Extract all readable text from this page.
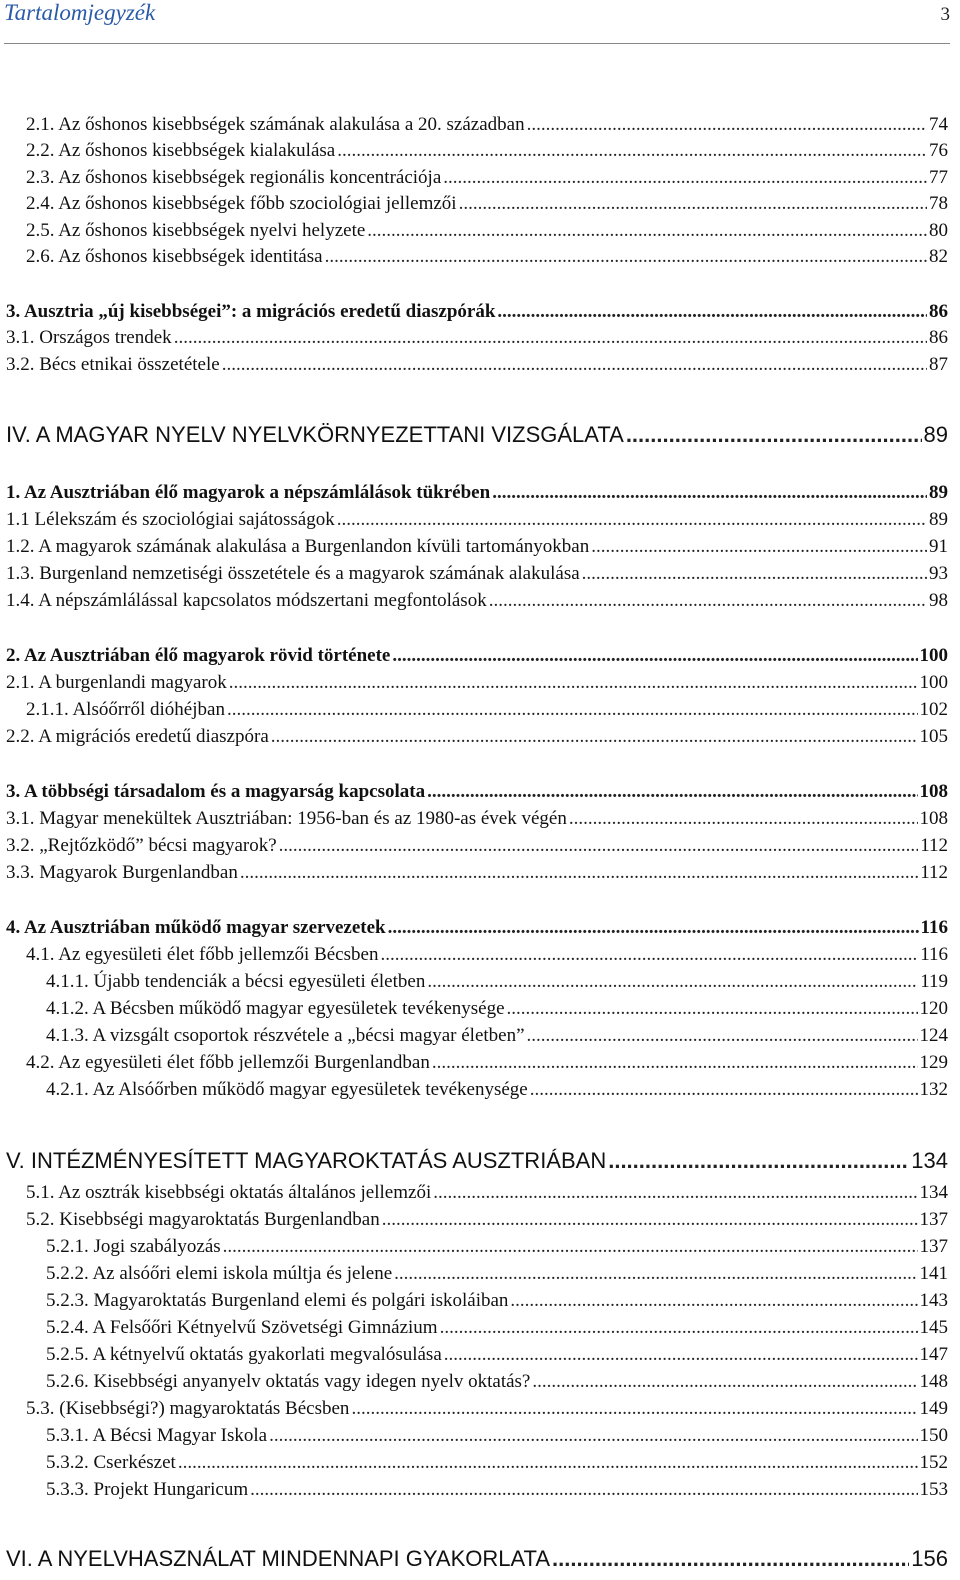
Tartalomjegyzék	3
2.1. Az őshonos kisebbségek számának alakulása a 20. században .....	74
2.2. Az őshonos kisebbségek kialakulása .....	76
2.3. Az őshonos kisebbségek regionális koncentrációja .....	77
2.4. Az őshonos kisebbségek főbb szociológiai jellemzői .....	78
2.5. Az őshonos kisebbségek nyelvi helyzete .....	80
2.6. Az őshonos kisebbségek identitása .....	82
3. Ausztria „új kisebbségei”: a migrációs eredetű diaszpórák .....	86
3.1. Országos trendek .....	86
3.2. Bécs etnikai összetétele .....	87
IV. A MAGYAR NYELV NYELVKÖRNYEZETTANI VIZSGÁLATA .....	89
1. Az Ausztriában élő magyarok a népszámlálások tükrében .....	89
1.1 Lélekszám és szociológiai sajátosságok .....	89
1.2. A magyarok számának alakulása a Burgenlandon kívüli tartományokban .....	91
1.3. Burgenland nemzetiségi összetétele és a magyarok számának alakulása .....	93
1.4. A népszámlálással kapcsolatos módszertani megfontolások .....	98
2. Az Ausztriában élő magyarok rövid története .....	100
2.1. A burgenlandi magyarok .....	100
2.1.1. Alsóőrről dióhéjban .....	102
2.2. A migrációs eredetű diaszpóra .....	105
3. A többségi társadalom és a magyarság kapcsolata .....	108
3.1. Magyar menekültek Ausztriában: 1956-ban és az 1980-as évek végén .....	108
3.2. „Rejtőzködő” bécsi magyarok? .....	112
3.3. Magyarok Burgenlandban .....	112
4. Az Ausztriában működő magyar szervezetek .....	116
4.1. Az egyesületi élet főbb jellemzői Bécsben .....	116
4.1.1. Újabb tendenciák a bécsi egyesületi életben .....	119
4.1.2. A Bécsben működő magyar egyesületek tevékenysége .....	120
4.1.3. A vizsgált csoportok részvétele a „bécsi magyar életben” .....	124
4.2. Az egyesületi élet főbb jellemzői Burgenlandban .....	129
4.2.1. Az Alsóőrben működő magyar egyesületek tevékenysége .....	132
V. INTÉZMÉNYESÍTETT MAGYAROKTATÁS AUSZTRIÁBAN .....	134
5.1. Az osztrák kisebbségi oktatás általános jellemzői .....	134
5.2. Kisebbségi magyaroktatás Burgenlandban .....	137
5.2.1. Jogi szabályozás .....	137
5.2.2. Az alsóőri elemi iskola múltja és jelene .....	141
5.2.3. Magyaroktatás Burgenland elemi és polgári iskoláiban .....	143
5.2.4. A Felsőőri Kétnyelvű Szövetségi Gimnázium .....	145
5.2.5. A kétnyelvű oktatás gyakorlati megvalósulása .....	147
5.2.6. Kisebbségi anyanyelv oktatás vagy idegen nyelv oktatás? .....	148
5.3. (Kisebbségi?) magyaroktatás Bécsben .....	149
5.3.1. A Bécsi Magyar Iskola .....	150
5.3.2. Cserkészet .....	152
5.3.3. Projekt Hungaricum .....	153
VI. A NYELVHASZNÁLAT MINDENNAPI GYAKORLATA .....	156
